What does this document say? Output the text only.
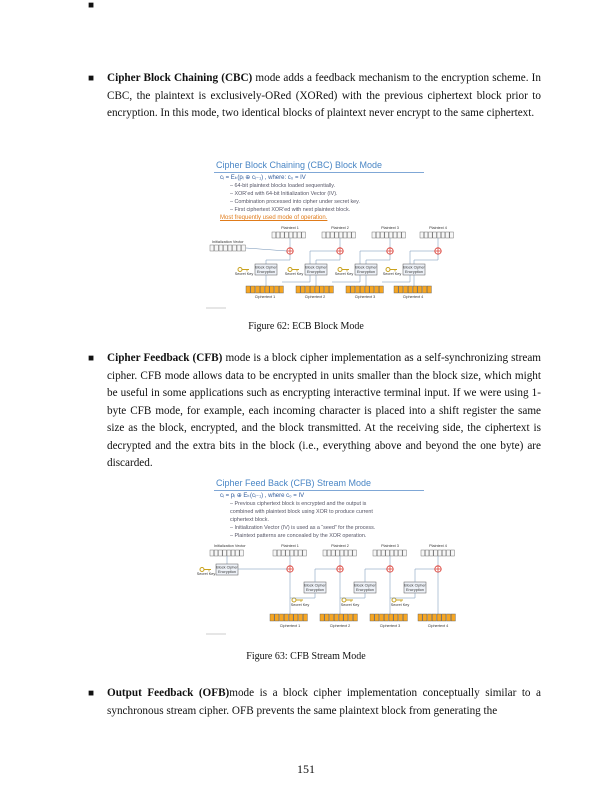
■

Cipher Block Chaining (CBC) mode adds a feedback mechanism to the encryption scheme. In CBC, the plaintext is exclusively-ORed (XORed) with the previous ciphertext block prior to encryption. In this mode, two identical blocks of plaintext never encrypt to the same ciphertext.

Cipher Block Chaining (CBC) Block Mode
cᵢ = Eₖ(pᵢ ⊕ cᵢ₋₁) , where: c₀ = IV
– 64-bit plaintext blocks loaded sequentially.
– XOR’ed with 64-bit Initialization Vector (IV).
– Combination processed into cipher under secret key.
– First ciphertext XOR’ed with next plaintext block.
Most frequently used mode of operation.
Plaintext 1
Block Cipher
Encryption
Secret Key
Ciphertext 1
Plaintext 2
Block Cipher
Encryption
Secret Key
Ciphertext 2
Plaintext 3
Block Cipher
Encryption
Secret Key
Ciphertext 3
Plaintext 4
Block Cipher
Encryption
Secret Key
Ciphertext 4
Initialization Vector
Figure 62: ECB Block Mode
■ Cipher Feedback (CFB) mode is a block cipher implementation as a self-synchronizing stream cipher. CFB mode allows data to be encrypted in units smaller than the block size, which might be useful in some applications such as encrypting interactive terminal input. If we were using 1-byte CFB mode, for example, each incoming character is placed into a shift register the same size as the block, encrypted, and the block transmitted. At the receiving side, the ciphertext is decrypted and the extra bits in the block (i.e., everything above and beyond the one byte) are discarded.

Cipher Feed Back (CFB) Stream Mode
cᵢ = pᵢ ⊕ Eₖ(cᵢ₋₁) , where c₀ = IV
– Previous ciphertext block is encrypted and the output is
combined with plaintext block using XOR to produce current
ciphertext block.
– Initialization Vector (IV) is used as a “seed” for the process.
– Plaintext patterns are concealed by the XOR operation.
Initialization Vector
Block Cipher
Encryption
Secret Key
Plaintext 1
Ciphertext 1
Block Cipher
Encryption
Secret Key
Plaintext 2
Ciphertext 2
Block Cipher
Encryption
Secret Key
Plaintext 3
Ciphertext 3
Block Cipher
Encryption
Secret Key
Plaintext 4
Ciphertext 4
Figure 63: CFB Stream Mode
■ Output Feedback (OFB)mode is a block cipher implementation conceptually similar to a synchronous stream cipher. OFB prevents the same plaintext block from generating the

151
■
